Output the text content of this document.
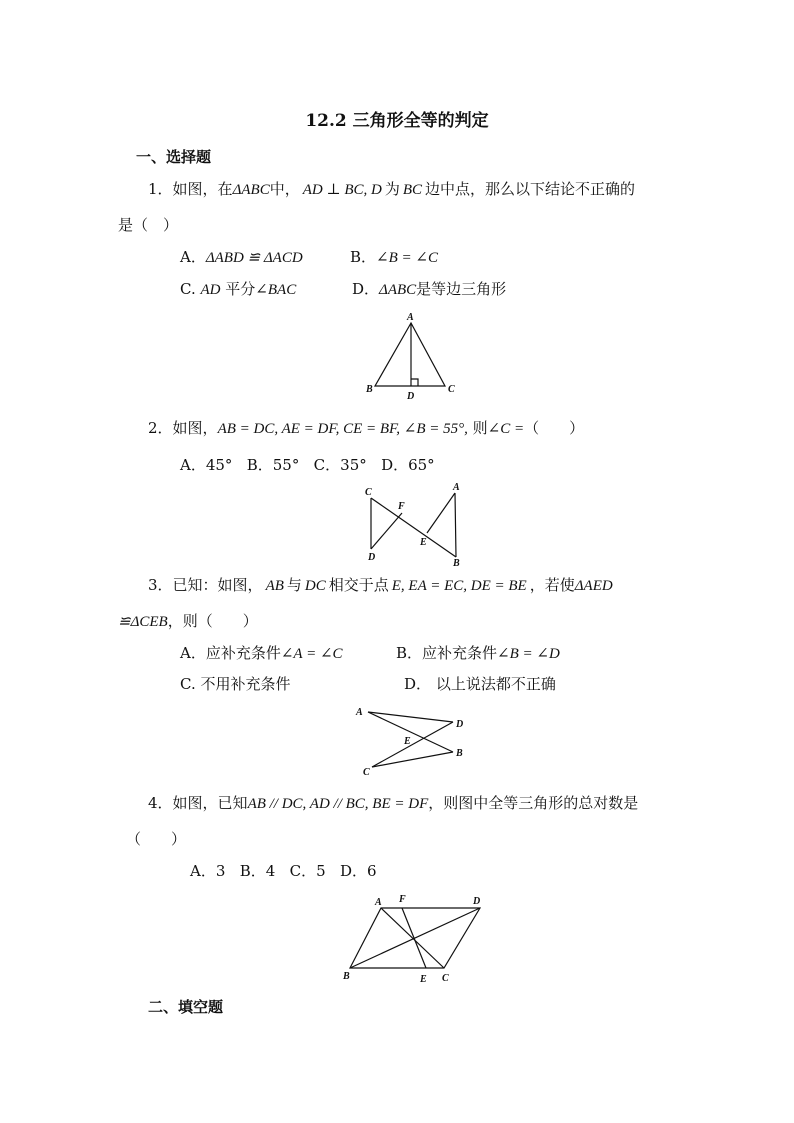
12.2 三角形全等的判定
一、选择题
1．如图，在ΔABC中， AD ⊥ BC, D 为 BC 边中点，那么以下结论不正确的
是（　）
A．ΔABD ≌ ΔACD	B．∠B = ∠C
C. AD 平分∠BAC	D．ΔABC是等边三角形
A
B	C
D
2．如图，AB = DC, AE = DF, CE = BF, ∠B = 55°, 则∠C =（　　）
A．45° B．55° C．35° D．65°
C
F
D
A
E
B
3．已知：如图， AB 与 DC 相交于点 E, EA = EC, DE = BE ，若使ΔAED
≌ΔCEB，则（　　）
A．应补充条件∠A = ∠C	B．应补充条件∠B = ∠D
C. 不用补充条件	D． 以上说法都不正确
A
D
E
B
C
4．如图，已知AB // DC, AD // BC, BE = DF，则图中全等三角形的总对数是
（　　）
A．3 B．4 C．5 D．6
A F	D
B	E C
二、填空题
